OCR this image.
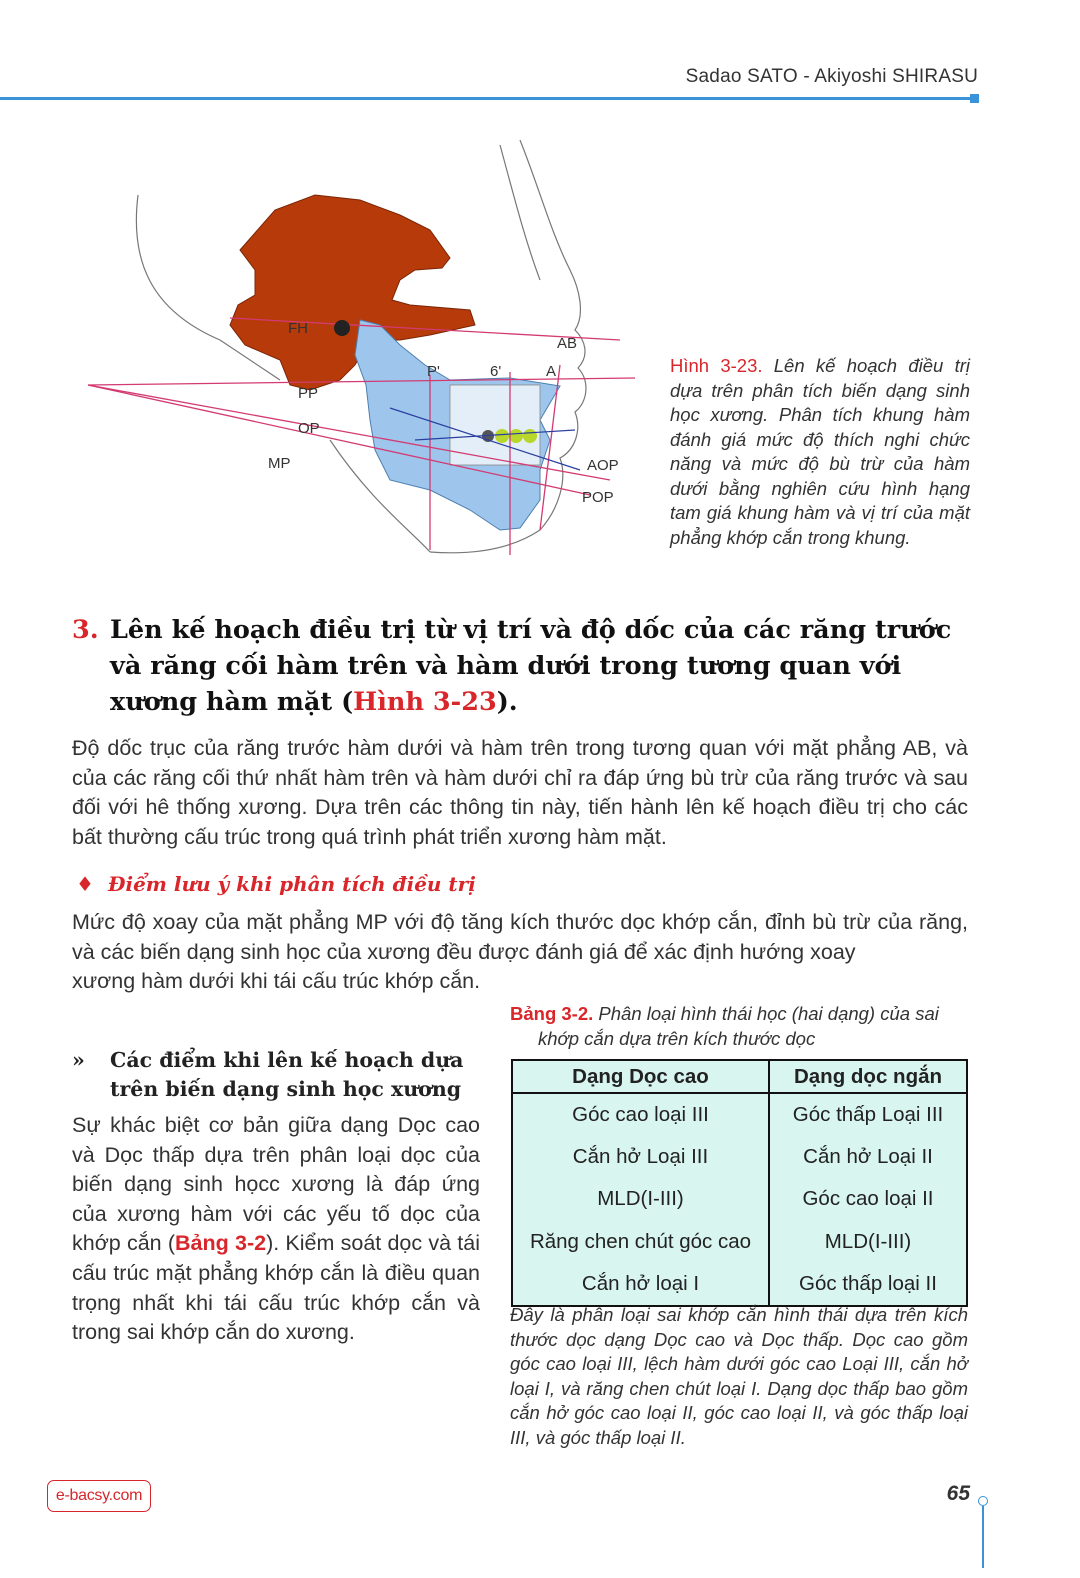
Sadao SATO - Akiyoshi SHIRASU
FH
PP
OP
MP
P'	6'	A
AB
AOP
POP
Hình 3-23. Lên kế hoạch điều trị dựa trên phân tích biến dạng sinh học xương. Phân tích khung hàm đánh giá mức độ thích nghi chức năng và mức độ bù trừ của hàm dưới bằng nghiên cứu hình hạng tam giá khung hàm và vị trí của mặt phẳng khớp cắn trong khung.
3. Lên kế hoạch điều trị từ vị trí và độ dốc của các răng trước và răng cối hàm trên và hàm dưới trong tương quan với xương hàm mặt (Hình 3-23).
Độ dốc trục của răng trước hàm dưới và hàm trên trong tương quan với mặt phẳng AB, và của các răng cối thứ nhất hàm trên và hàm dưới chỉ ra đáp ứng bù trừ của răng trước và sau đối với hê thống xương. Dựa trên các thông tin này, tiến hành lên kế hoạch điều trị cho các bất thường cấu trúc trong quá trình phát triển xương hàm mặt.
♦ Điểm lưu ý khi phân tích điều trị
Mức độ xoay của mặt phẳng MP với độ tăng kích thước dọc khớp cắn, đỉnh bù trừ của răng, và các biến dạng sinh học của xương đều được đánh giá để xác định hướng xoay
xương hàm dưới khi tái cấu trúc khớp cắn.
»	Các điểm khi lên kế hoạch dựa trên biến dạng sinh học xương
Sự khác biệt cơ bản giữa dạng Dọc cao và Dọc thấp dựa trên phân loại dọc của biến dạng sinh họcc xương là đáp ứng của xương hàm với các yếu tố dọc của khớp cắn (Bảng 3-2). Kiểm soát dọc và tái cấu trúc mặt phẳng khớp cắn là điều quan trọng nhất khi tái cấu trúc khớp cắn và trong sai khớp cắn do xương.
Bảng 3-2. Phân loại hình thái học (hai dạng) của sai
khớp cắn dựa trên kích thước dọc
Dạng Dọc cao	Dạng dọc ngắn
Góc cao loại III	Góc thấp Loại III
Cắn hở Loại III	Cắn hở Loại II
MLD(I-III)	Góc cao loại II
Răng chen chút góc cao	MLD(I-III)
Cắn hở loại I	Góc thấp loại II
Đây là phân loại sai khớp cắn hình thái dựa trên kích thước dọc dạng Dọc cao và Dọc thấp. Dọc cao gồm góc cao loại III, lệch hàm dưới góc cao Loại III, cắn hở loại I, và răng chen chút loại I. Dạng dọc thấp bao gồm cắn hở góc cao loại II, góc cao loại II, và góc thấp loại III, và góc thấp loại II.
e-bacsy.com	65
